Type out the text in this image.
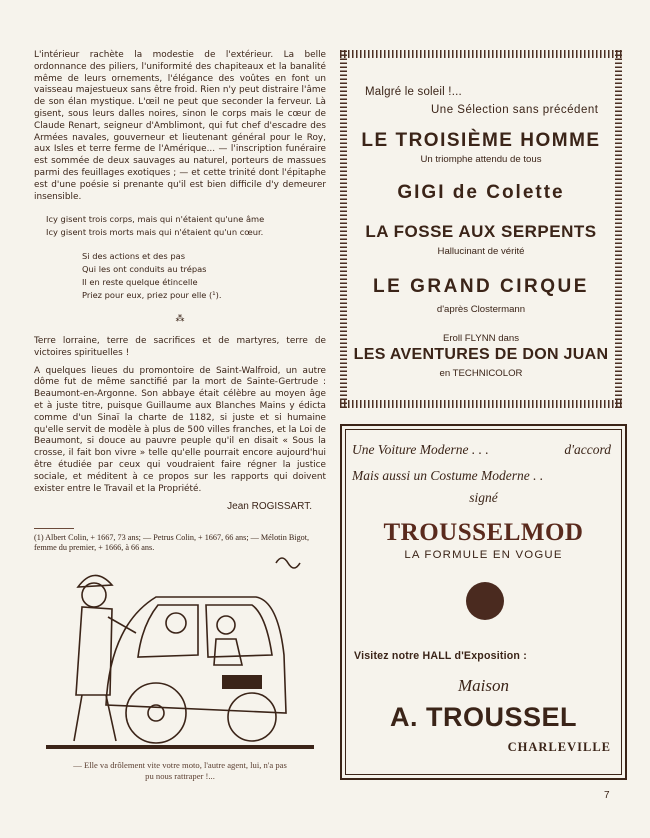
L'intérieur rachète la modestie de l'extérieur. La belle ordonnance des piliers, l'uniformité des chapiteaux et la banalité même de leurs ornements, l'élégance des voûtes en font un vaisseau majestueux sans être froid. Rien n'y peut distraire l'âme de son élan mystique. L'œil ne peut que seconder la ferveur. Là gisent, sous leurs dalles noires, sinon le corps mais le cœur de Claude Renart, seigneur d'Amblimont, qui fut chef d'escadre des Armées navales, gouverneur et lieutenant général pour le Roy, aux Isles et terre ferme de l'Amérique... — l'inscription funéraire est sommée de deux sauvages au naturel, porteurs de massues parmi des feuillages exotiques ; — et cette trinité dont l'épitaphe est d'une poésie si prenante qu'il est bien difficile d'y demeurer insensible.

Icy gisent trois corps, mais qui n'étaient qu'une âme
Icy gisent trois morts mais qui n'étaient qu'un cœur.
Si des actions et des pas
Qui les ont conduits au trépas
Il en reste quelque étincelle
Priez pour eux, priez pour elle (¹).
⁂

Terre lorraine, terre de sacrifices et de martyres, terre de victoires spirituelles !

A quelques lieues du promontoire de Saint-Walfroid, un autre dôme fut de même sanctifié par la mort de Sainte-Gertrude : Beaumont-en-Argonne. Son abbaye était célèbre au moyen âge et à juste titre, puisque Guillaume aux Blanches Mains y édicta comme d'un Sinaï la charte de 1182, si juste et si humaine qu'elle servit de modèle à plus de 500 villes franches, et la Loi de Beaumont, si douce au pauvre peuple qu'il en disait « Sous la crosse, il fait bon vivre » telle qu'elle pourrait encore aujourd'hui être étudiée par ceux qui voudraient faire régner la justice sociale, et méditent à ce propos sur les rapports qui doivent exister entre le Travail et la Propriété.

Jean ROGISSART.
(1) Albert Colin, + 1667, 73 ans; — Petrus Colin, + 1667, 66 ans; — Mélotin Bigot, femme du premier, + 1666, à 66 ans.
— Elle va drôlement vite votre moto, l'autre agent, lui, n'a pas pu nous rattraper !...
Malgré le soleil !...
Une Sélection sans précédent
LE TROISIÈME HOMME
Un triomphe attendu de tous
GIGI de Colette
LA FOSSE AUX SERPENTS
Hallucinant de vérité
LE GRAND CIRQUE
d'après Clostermann
Eroll FLYNN dans
LES AVENTURES DE DON JUAN
en TECHNICOLOR
Une Voiture Moderne . . .	d'accord
Mais aussi un Costume Moderne . .
signé
TROUSSELMOD
LA FORMULE EN VOGUE
Visitez notre HALL d'Exposition :
Maison
A. TROUSSEL
CHARLEVILLE
7
